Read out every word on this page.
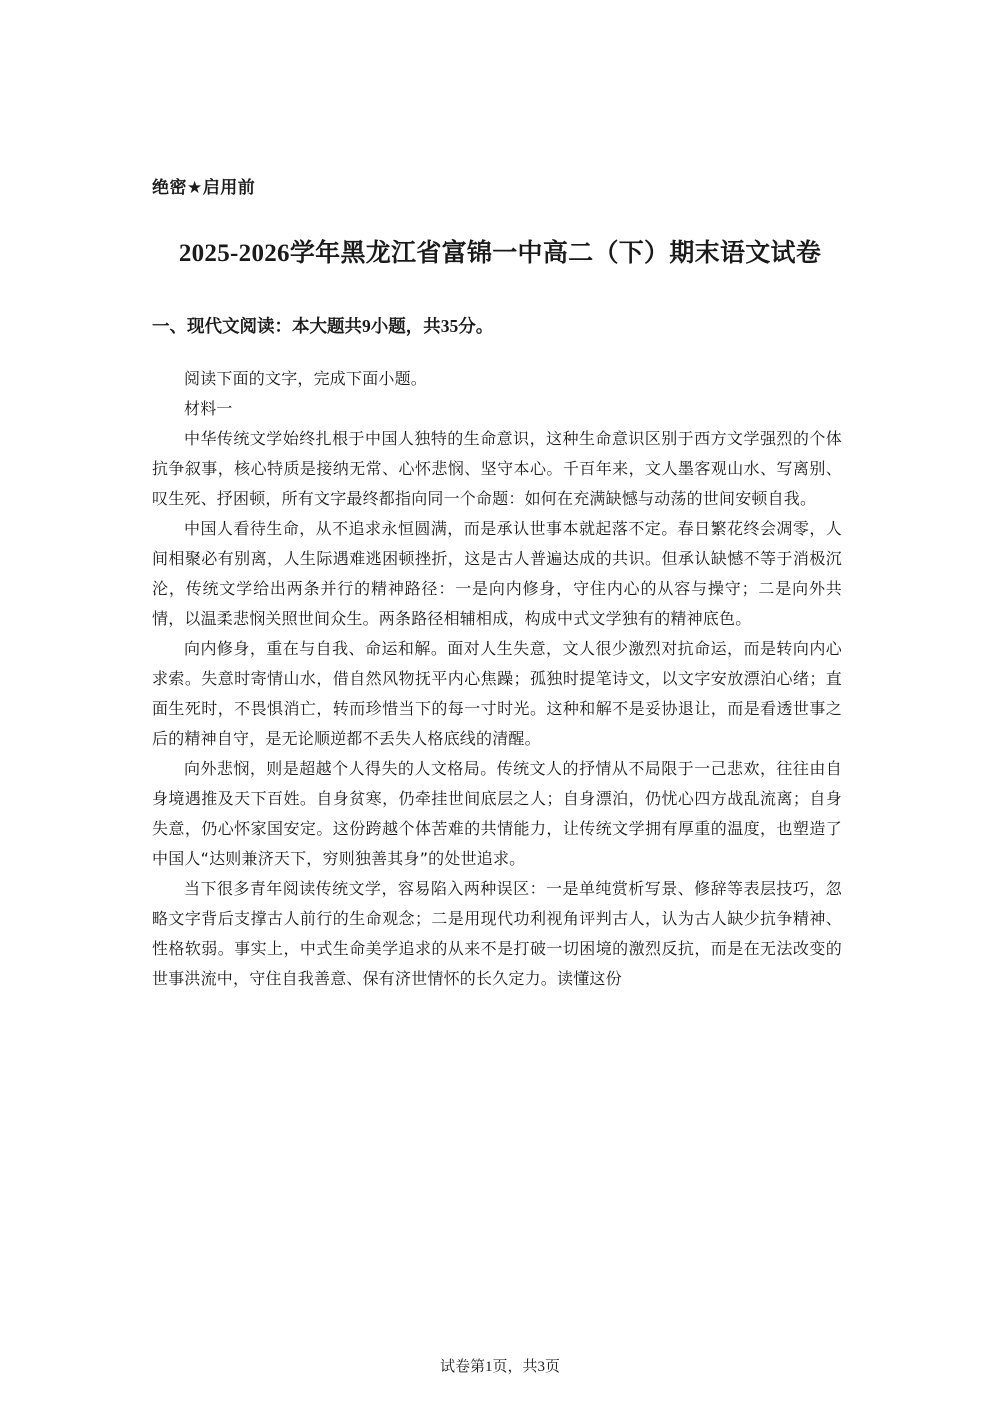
绝密★启用前
2025-2026学年黑龙江省富锦一中高二（下）期末语文试卷
一、现代文阅读：本大题共9小题，共35分。

阅读下面的文字，完成下面小题。

材料一

中华传统文学始终扎根于中国人独特的生命意识，这种生命意识区别于西方文学强烈的个体抗争叙事，核心特质是接纳无常、心怀悲悯、坚守本心。千百年来，文人墨客观山水、写离别、叹生死、抒困顿，所有文字最终都指向同一个命题：如何在充满缺憾与动荡的世间安顿自我。

中国人看待生命，从不追求永恒圆满，而是承认世事本就起落不定。春日繁花终会凋零，人间相聚必有别离，人生际遇难逃困顿挫折，这是古人普遍达成的共识。但承认缺憾不等于消极沉沦，传统文学给出两条并行的精神路径：一是向内修身，守住内心的从容与操守；二是向外共情，以温柔悲悯关照世间众生。两条路径相辅相成，构成中式文学独有的精神底色。

向内修身，重在与自我、命运和解。面对人生失意，文人很少激烈对抗命运，而是转向内心求索。失意时寄情山水，借自然风物抚平内心焦躁；孤独时提笔诗文，以文字安放漂泊心绪；直面生死时，不畏惧消亡，转而珍惜当下的每一寸时光。这种和解不是妥协退让，而是看透世事之后的精神自守，是无论顺逆都不丢失人格底线的清醒。

向外悲悯，则是超越个人得失的人文格局。传统文人的抒情从不局限于一己悲欢，往往由自身境遇推及天下百姓。自身贫寒，仍牵挂世间底层之人；自身漂泊，仍忧心四方战乱流离；自身失意，仍心怀家国安定。这份跨越个体苦难的共情能力，让传统文学拥有厚重的温度，也塑造了中国人“达则兼济天下，穷则独善其身”的处世追求。

当下很多青年阅读传统文学，容易陷入两种误区：一是单纯赏析写景、修辞等表层技巧，忽略文字背后支撑古人前行的生命观念；二是用现代功利视角评判古人，认为古人缺少抗争精神、性格软弱。事实上，中式生命美学追求的从来不是打破一切困境的激烈反抗，而是在无法改变的世事洪流中，守住自我善意、保有济世情怀的长久定力。读懂这份

试卷第1页，共3页
